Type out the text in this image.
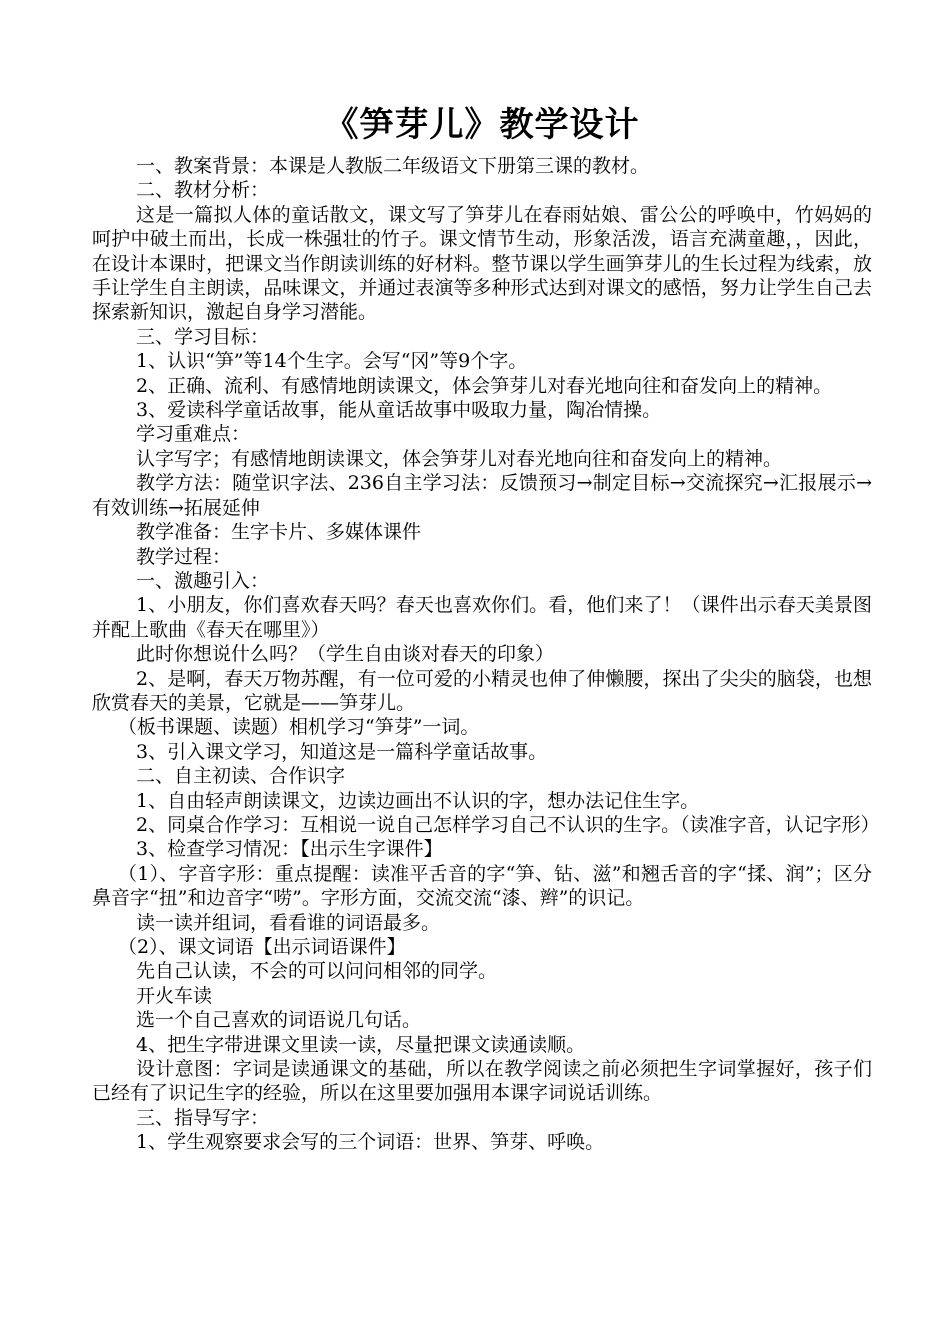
《笋芽儿》教学设计

一、教案背景：本课是人教版二年级语文下册第三课的教材。

二、教材分析：

这是一篇拟人体的童话散文，课文写了笋芽儿在春雨姑娘、雷公公的呼唤中，竹妈妈的呵护中破土而出，长成一株强壮的竹子。课文情节生动，形象活泼，语言充满童趣，，因此，在设计本课时，把课文当作朗读训练的好材料。整节课以学生画笋芽儿的生长过程为线索，放手让学生自主朗读，品味课文，并通过表演等多种形式达到对课文的感悟，努力让学生自己去探索新知识，激起自身学习潜能。

三、学习目标：

1、认识“笋”等14个生字。会写“冈”等9个字。

2、正确、流利、有感情地朗读课文，体会笋芽儿对春光地向往和奋发向上的精神。

3、爱读科学童话故事，能从童话故事中吸取力量，陶冶情操。

学习重难点：

认字写字；有感情地朗读课文，体会笋芽儿对春光地向往和奋发向上的精神。

教学方法：随堂识字法、236自主学习法：反馈预习→制定目标→交流探究→汇报展示→有效训练→拓展延伸

教学准备：生字卡片、多媒体课件

教学过程：

一、激趣引入：

1、小朋友，你们喜欢春天吗？春天也喜欢你们。看，他们来了！（课件出示春天美景图并配上歌曲《春天在哪里》）

此时你想说什么吗？（学生自由谈对春天的印象）

2、是啊，春天万物苏醒，有一位可爱的小精灵也伸了伸懒腰，探出了尖尖的脑袋，也想欣赏春天的美景，它就是——笋芽儿。

（板书课题、读题）相机学习“笋芽”一词。

3、引入课文学习，知道这是一篇科学童话故事。

二、自主初读、合作识字

1、自由轻声朗读课文，边读边画出不认识的字，想办法记住生字。

2、同桌合作学习：互相说一说自己怎样学习自己不认识的生字。（读准字音，认记字形）

3、检查学习情况：【出示生字课件】

（1）、字音字形：重点提醒：读准平舌音的字“笋、钻、滋”和翘舌音的字“揉、润”；区分鼻音字“扭”和边音字“唠”。字形方面，交流交流“漆、辫”的识记。

读一读并组词，看看谁的词语最多。

（2）、课文词语【出示词语课件】

先自己认读，不会的可以问问相邻的同学。

开火车读

选一个自己喜欢的词语说几句话。

4、把生字带进课文里读一读，尽量把课文读通读顺。

设计意图：字词是读通课文的基础，所以在教学阅读之前必须把生字词掌握好，孩子们已经有了识记生字的经验，所以在这里要加强用本课字词说话训练。

三、指导写字：

1、学生观察要求会写的三个词语：世界、笋芽、呼唤。
